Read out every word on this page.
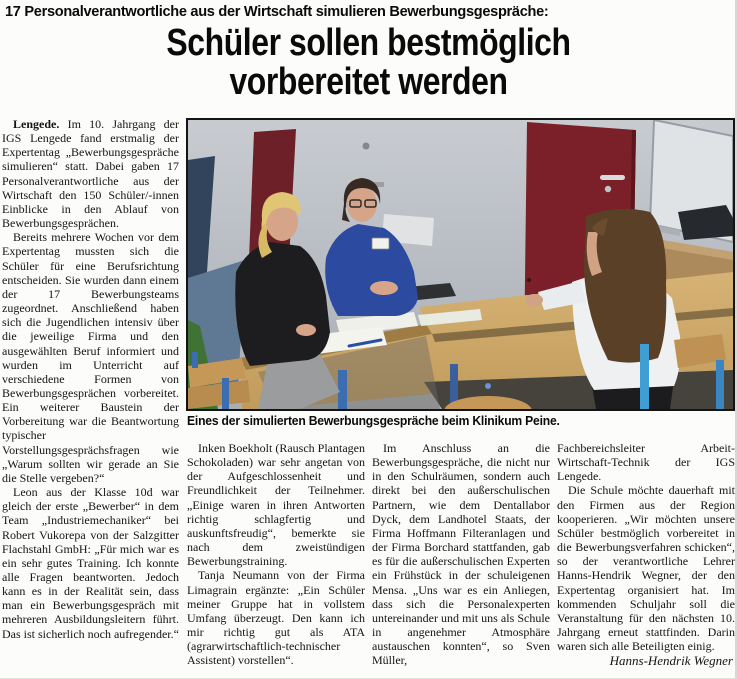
17 Personalverantwortliche aus der Wirtschaft simulieren Bewerbungsgespräche:
Schüler sollen bestmöglich
vorbereitet werden
Eines der simulierten Bewerbungsgespräche beim Klinikum Peine.

Lengede. Im 10. Jahrgang der IGS Lengede fand erstmalig der Expertentag „Bewerbungsgespräche simulieren“ statt. Dabei gaben 17 Personalverantwortliche aus der Wirtschaft den 150 Schüler/-innen Einblicke in den Ablauf von Bewerbungsgesprächen.

Bereits mehrere Wochen vor dem Expertentag mussten sich die Schüler für eine Berufsrichtung entscheiden. Sie wurden dann einem der 17 Bewerbungsteams zugeordnet. Anschließend haben sich die Jugendlichen intensiv über die jeweilige Firma und den ausgewählten Beruf informiert und wurden im Unterricht auf verschiedene Formen von Bewerbungsgesprächen vorbereitet. Ein weiterer Baustein der Vorbereitung war die Beantwortung typischer Vorstellungsgesprächsfragen wie „Warum sollten wir gerade an Sie die Stelle vergeben?“

Leon aus der Klasse 10d war gleich der erste „Bewerber“ in dem Team „Industriemechaniker“ bei Robert Vukorepa von der Salzgitter Flachstahl GmbH: „Für mich war es ein sehr gutes Training. Ich konnte alle Fragen beantworten. Jedoch kann es in der Realität sein, dass man ein Bewerbungsgespräch mit mehreren Ausbildungsleitern führt. Das ist sicherlich noch aufregender.“

Inken Boekholt (Rausch Plantagen Schokoladen) war sehr angetan von der Aufgeschlossenheit und Freundlichkeit der Teilnehmer. „Einige waren in ihren Antworten richtig schlagfertig und auskunftsfreudig“, bemerkte sie nach dem zweistündigen Bewerbungstraining.

Tanja Neumann von der Firma Limagrain ergänzte: „Ein Schüler meiner Gruppe hat in vollstem Umfang überzeugt. Den kann ich mir richtig gut als ATA (agrarwirtschaftlich-technischer Assistent) vorstellen“.

Im Anschluss an die Bewerbungsgespräche, die nicht nur in den Schulräumen, sondern auch direkt bei den außerschulischen Partnern, wie dem Dentallabor Dyck, dem Landhotel Staats, der Firma Hoffmann Filteranlagen und der Firma Borchard stattfanden, gab es für die außerschulischen Experten ein Frühstück in der schuleigenen Mensa. „Uns war es ein Anliegen, dass sich die Personalexperten untereinander und mit uns als Schule in angenehmer Atmosphäre austauschen konnten“, so Sven Müller,

Fachbereichsleiter Arbeit-Wirtschaft-Technik der IGS Lengede.

Die Schule möchte dauerhaft mit den Firmen aus der Region kooperieren. „Wir möchten unsere Schüler bestmöglich vorbereitet in die Bewerbungsverfahren schicken“, so der verantwortliche Lehrer Hanns-Hendrik Wegner, der den Expertentag organisiert hat. Im kommenden Schuljahr soll die Veranstaltung für den nächsten 10. Jahrgang erneut stattfinden. Darin waren sich alle Beteiligten einig.

Hanns-Hendrik Wegner
